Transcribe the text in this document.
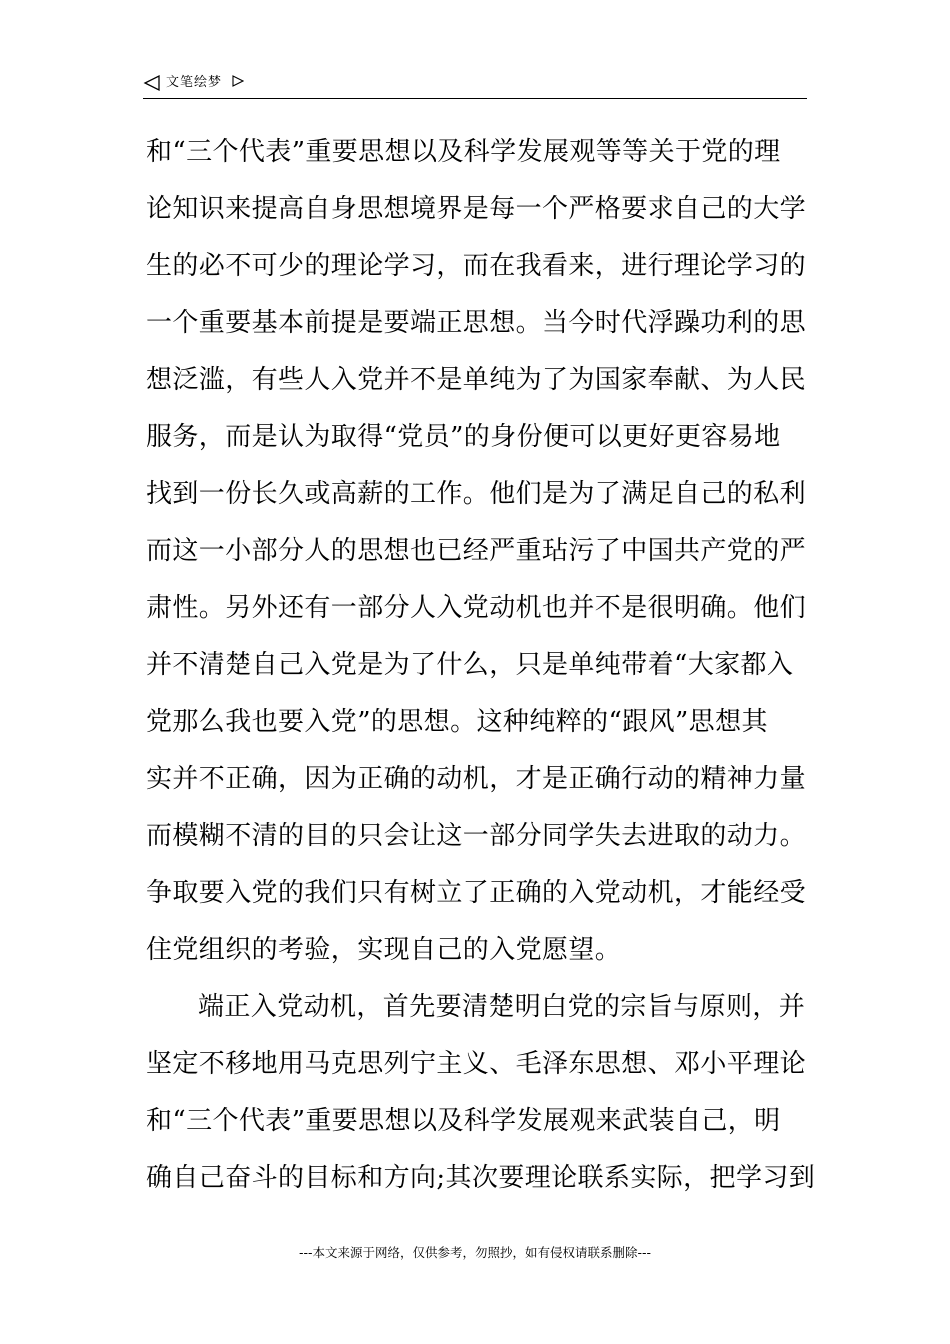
文笔绘梦
和“三个代表”重要思想以及科学发展观等等关于党的理
论知识来提高自身思想境界是每一个严格要求自己的大学
生的必不可少的理论学习，而在我看来，进行理论学习的
一个重要基本前提是要端正思想。当今时代浮躁功利的思
想泛滥，有些人入党并不是单纯为了为国家奉献、为人民
服务，而是认为取得“党员”的身份便可以更好更容易地
找到一份长久或高薪的工作。他们是为了满足自己的私利
而这一小部分人的思想也已经严重玷污了中国共产党的严
肃性。另外还有一部分人入党动机也并不是很明确。他们
并不清楚自己入党是为了什么，只是单纯带着“大家都入
党那么我也要入党”的思想。这种纯粹的“跟风”思想其
实并不正确，因为正确的动机，才是正确行动的精神力量
而模糊不清的目的只会让这一部分同学失去进取的动力。
争取要入党的我们只有树立了正确的入党动机，才能经受
住党组织的考验，实现自己的入党愿望。
端正入党动机，首先要清楚明白党的宗旨与原则，并
坚定不移地用马克思列宁主义、毛泽东思想、邓小平理论
和“三个代表”重要思想以及科学发展观来武装自己，明
确自己奋斗的目标和方向;其次要理论联系实际，把学习到
---本文来源于网络，仅供参考，勿照抄，如有侵权请联系删除---
